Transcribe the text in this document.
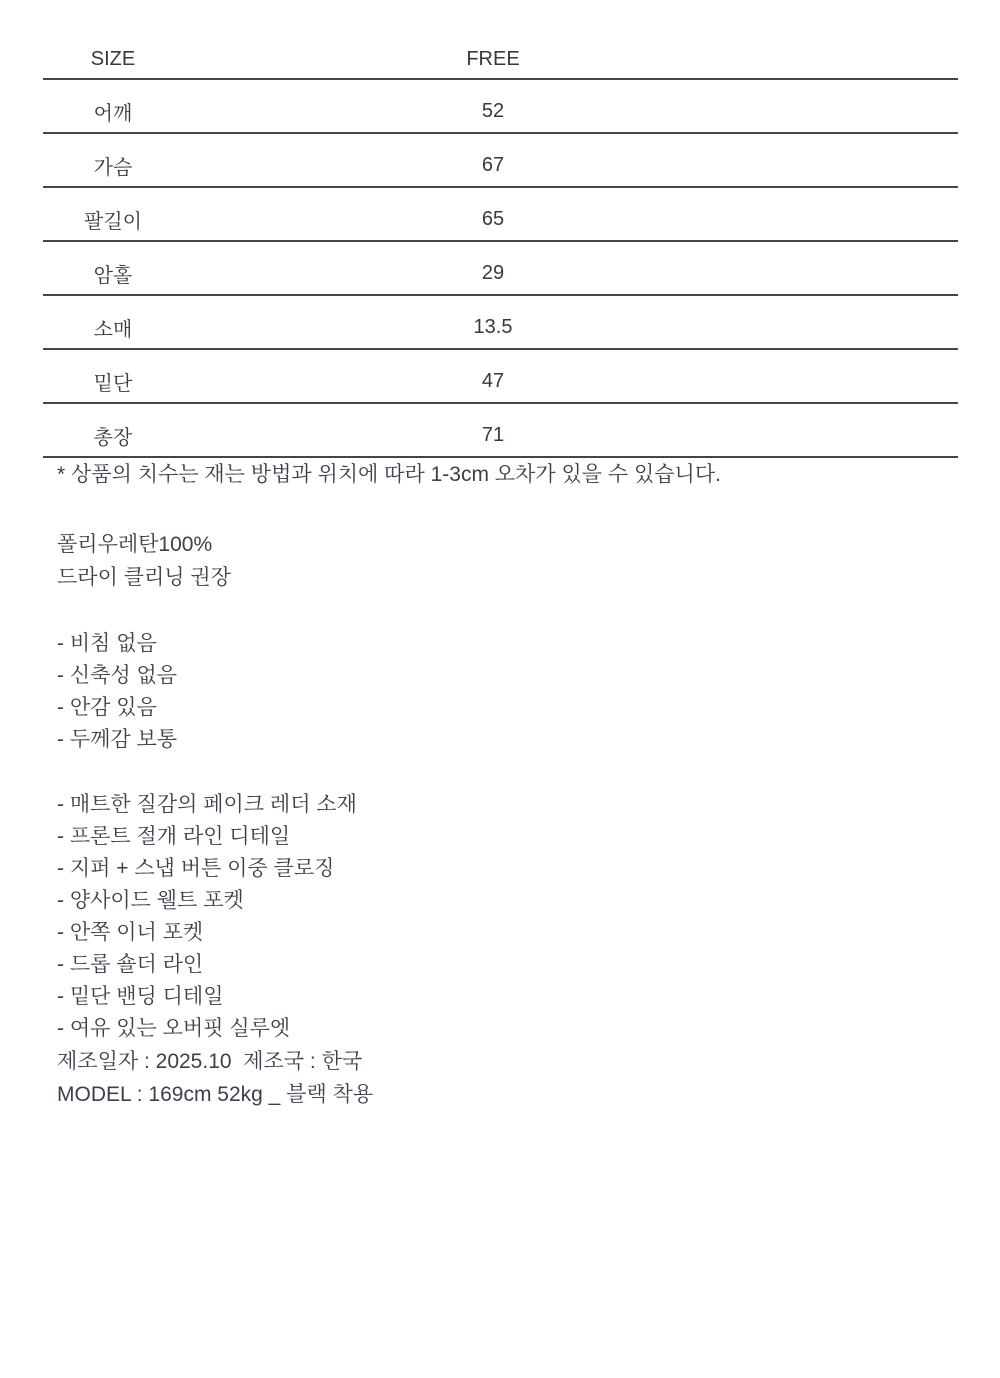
SIZE	FREE	
어깨	52	
가슴	67	
팔길이	65	
암홀	29	
소매	13.5	
밑단	47	
총장	71	

* 상품의 치수는 재는 방법과 위치에 따라 1-3cm 오차가 있을 수 있습니다.

폴리우레탄100%

드라이 클리닝 권장

- 비침 없음

- 신축성 없음

- 안감 있음

- 두께감 보통

- 매트한 질감의 페이크 레더 소재

- 프론트 절개 라인 디테일

- 지퍼 + 스냅 버튼 이중 클로징

- 양사이드 웰트 포켓

- 안쪽 이너 포켓

- 드롭 숄더 라인

- 밑단 밴딩 디테일

- 여유 있는 오버핏 실루엣

제조일자 : 2025.10  제조국 : 한국

MODEL : 169cm 52kg _ 블랙 착용
